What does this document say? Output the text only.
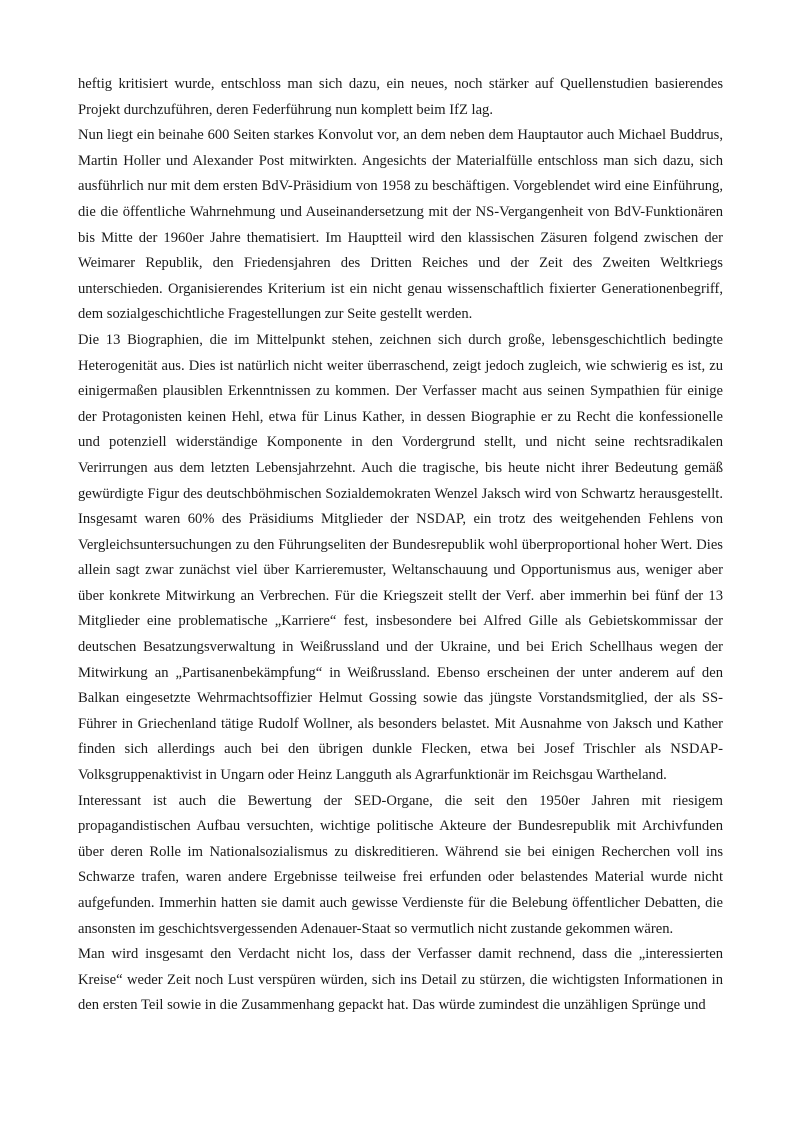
heftig kritisiert wurde, entschloss man sich dazu, ein neues, noch stärker auf Quellenstudien basierendes Projekt durchzuführen, deren Federführung nun komplett beim IfZ lag.

Nun liegt ein beinahe 600 Seiten starkes Konvolut vor, an dem neben dem Hauptautor auch Michael Buddrus, Martin Holler und Alexander Post mitwirkten. Angesichts der Materialfülle entschloss man sich dazu, sich ausführlich nur mit dem ersten BdV-Präsidium von 1958 zu beschäftigen. Vorgeblendet wird eine Einführung, die die öffentliche Wahrnehmung und Auseinandersetzung mit der NS-Vergangenheit von BdV-Funktionären bis Mitte der 1960er Jahre thematisiert. Im Hauptteil wird den klassischen Zäsuren folgend zwischen der Weimarer Republik, den Friedensjahren des Dritten Reiches und der Zeit des Zweiten Weltkriegs unterschieden. Organisierendes Kriterium ist ein nicht genau wissenschaftlich fixierter Generationenbegriff, dem sozialgeschichtliche Fragestellungen zur Seite gestellt werden.

Die 13 Biographien, die im Mittelpunkt stehen, zeichnen sich durch große, lebensgeschichtlich bedingte Heterogenität aus. Dies ist natürlich nicht weiter überraschend, zeigt jedoch zugleich, wie schwierig es ist, zu einigermaßen plausiblen Erkenntnissen zu kommen. Der Verfasser macht aus seinen Sympathien für einige der Protagonisten keinen Hehl, etwa für Linus Kather, in dessen Biographie er zu Recht die konfessionelle und potenziell widerständige Komponente in den Vordergrund stellt, und nicht seine rechtsradikalen Verirrungen aus dem letzten Lebensjahrzehnt. Auch die tragische, bis heute nicht ihrer Bedeutung gemäß gewürdigte Figur des deutschböhmischen Sozialdemokraten Wenzel Jaksch wird von Schwartz herausgestellt. Insgesamt waren 60% des Präsidiums Mitglieder der NSDAP, ein trotz des weitgehenden Fehlens von Vergleichsuntersuchungen zu den Führungseliten der Bundesrepublik wohl überproportional hoher Wert. Dies allein sagt zwar zunächst viel über Karrieremuster, Weltanschauung und Opportunismus aus, weniger aber über konkrete Mitwirkung an Verbrechen. Für die Kriegszeit stellt der Verf. aber immerhin bei fünf der 13 Mitglieder eine problematische „Karriere“ fest, insbesondere bei Alfred Gille als Gebietskommissar der deutschen Besatzungsverwaltung in Weißrussland und der Ukraine, und bei Erich Schellhaus wegen der Mitwirkung an „Partisanenbekämpfung“ in Weißrussland. Ebenso erscheinen der unter anderem auf den Balkan eingesetzte Wehrmachtsoffizier Helmut Gossing sowie das jüngste Vorstandsmitglied, der als SS-Führer in Griechenland tätige Rudolf Wollner, als besonders belastet. Mit Ausnahme von Jaksch und Kather finden sich allerdings auch bei den übrigen dunkle Flecken, etwa bei Josef Trischler als NSDAP-Volksgruppenaktivist in Ungarn oder Heinz Langguth als Agrarfunktionär im Reichsgau Wartheland.

Interessant ist auch die Bewertung der SED-Organe, die seit den 1950er Jahren mit riesigem propagandistischen Aufbau versuchten, wichtige politische Akteure der Bundesrepublik mit Archivfunden über deren Rolle im Nationalsozialismus zu diskreditieren. Während sie bei einigen Recherchen voll ins Schwarze trafen, waren andere Ergebnisse teilweise frei erfunden oder belastendes Material wurde nicht aufgefunden. Immerhin hatten sie damit auch gewisse Verdienste für die Belebung öffentlicher Debatten, die ansonsten im geschichtsvergessenden Adenauer-Staat so vermutlich nicht zustande gekommen wären.

Man wird insgesamt den Verdacht nicht los, dass der Verfasser damit rechnend, dass die „interessierten Kreise“ weder Zeit noch Lust verspüren würden, sich ins Detail zu stürzen, die wichtigsten Informationen in den ersten Teil sowie in die Zusammenhang gepackt hat. Das würde zumindest die unzähligen Sprünge und
